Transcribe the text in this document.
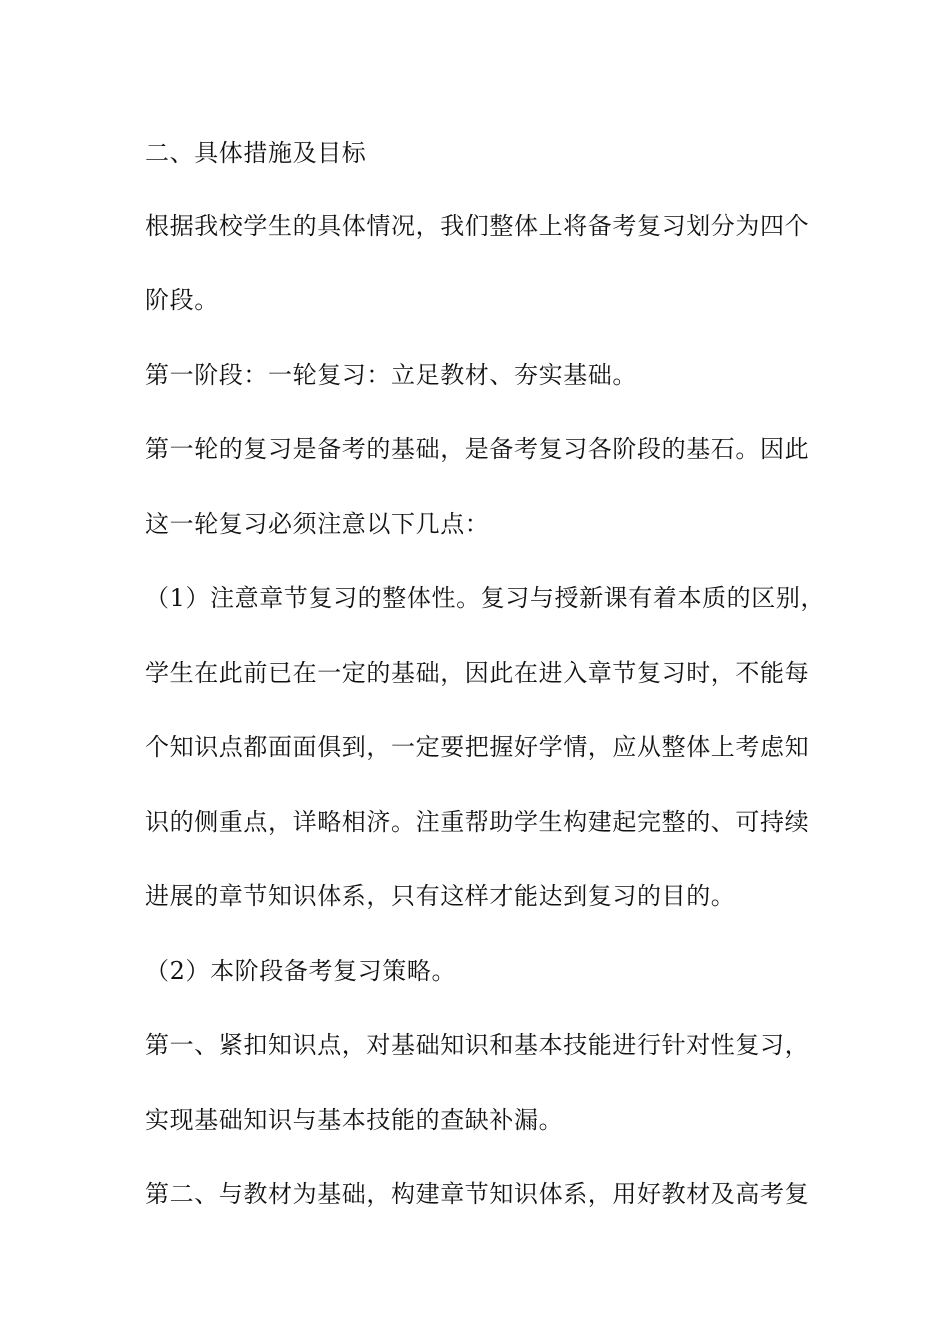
二、具体措施及目标
根据我校学生的具体情况，我们整体上将备考复习划分为四个
阶段。
第一阶段：一轮复习：立足教材、夯实基础。
第一轮的复习是备考的基础，是备考复习各阶段的基石。因此
这一轮复习必须注意以下几点：
（1）注意章节复习的整体性。复习与授新课有着本质的区别，
学生在此前已在一定的基础，因此在进入章节复习时，不能每
个知识点都面面俱到，一定要把握好学情，应从整体上考虑知
识的侧重点，详略相济。注重帮助学生构建起完整的、可持续
进展的章节知识体系，只有这样才能达到复习的目的。
（2）本阶段备考复习策略。
第一、紧扣知识点，对基础知识和基本技能进行针对性复习，
实现基础知识与基本技能的查缺补漏。
第二、与教材为基础，构建章节知识体系，用好教材及高考复
